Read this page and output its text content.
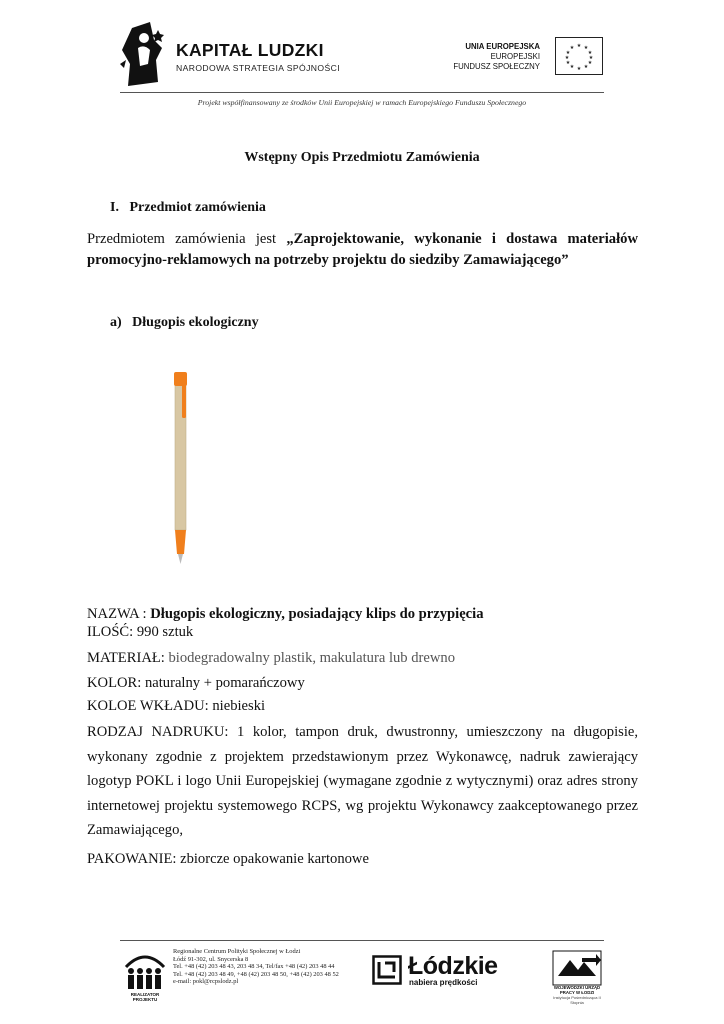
KAPITAŁ LUDZKI
NARODOWA STRATEGIA SPÓJNOŚCI
UNIA EUROPEJSKA
EUROPEJSKI
FUNDUSZ SPOŁECZNY
★ ★
★
★
★
★
★
★
★
★
★
★
Projekt współfinansowany ze środków Unii Europejskiej w ramach Europejskiego Funduszu Społecznego
Wstępny Opis Przedmiotu Zamówienia
I.   Przedmiot zamówienia
Przedmiotem zamówienia jest „Zaprojektowanie, wykonanie i dostawa materiałów promocyjno-reklamowych na potrzeby projektu do siedziby Zamawiającego”
a)   Długopis ekologiczny
NAZWA : Długopis ekologiczny, posiadający klips do przypięcia
ILOŚĆ: 990 sztuk
MATERIAŁ: biodegradowalny plastik, makulatura lub drewno
KOLOR: naturalny + pomarańczowy
KOLOE WKŁADU: niebieski
RODZAJ NADRUKU: 1 kolor, tampon druk, dwustronny, umieszczony na długopisie, wykonany zgodnie z projektem przedstawionym przez Wykonawcę, nadruk zawierający logotyp POKL i logo Unii Europejskiej (wymagane zgodnie z wytycznymi) oraz adres strony internetowej projektu systemowego RCPS, wg projektu Wykonawcy zaakceptowanego przez Zamawiającego,
PAKOWANIE: zbiorcze opakowanie kartonowe
REALIZATOR PROJEKTU
Regionalne Centrum Polityki Społecznej w Łodzi
Łódź 91-302, ul. Snycerska 8
Tel. +48 (42) 203 48 43, 203 48 34, Tel/fax +48 (42) 203 48 44
Tel. +48 (42) 203 48 49, +48 (42) 203 48 50, +48 (42) 203 48 52
e-mail: pokl@rcpslodz.pl
Łódzkie
nabiera prędkości
WOJEWÓDZKI URZĄD PRACY W ŁODZI
Instytucja Pośrednicząca II Stopnia
